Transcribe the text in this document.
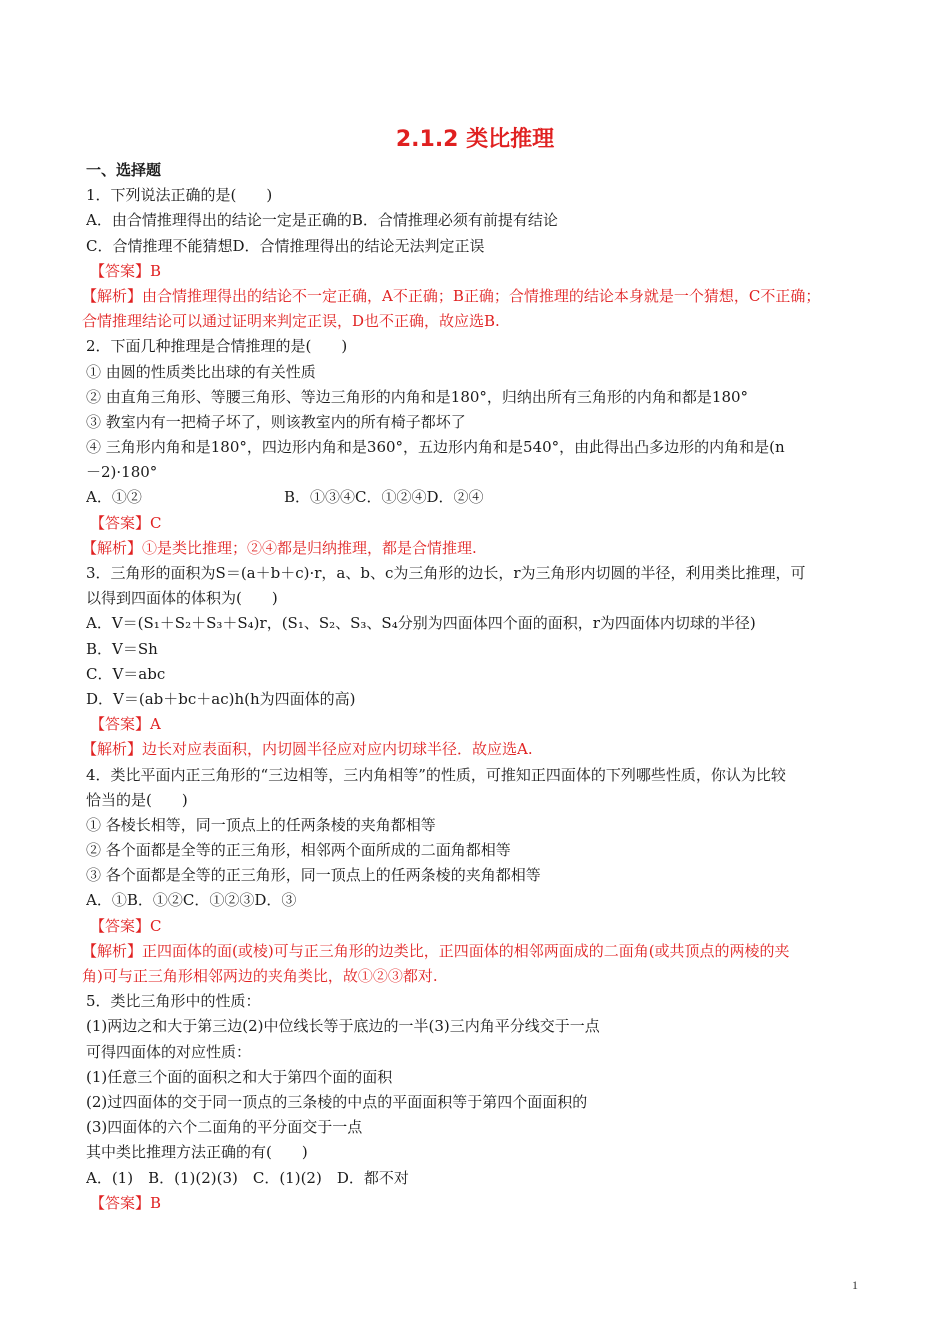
2.1.2 类比推理
一、选择题
1．下列说法正确的是(　　)
A．由合情推理得出的结论一定是正确的B．合情推理必须有前提有结论
C．合情推理不能猜想D．合情推理得出的结论无法判定正误
【答案】B
【解析】由合情推理得出的结论不一定正确，A不正确；B正确；合情推理的结论本身就是一个猜想，C不正确；
合情推理结论可以通过证明来判定正误，D也不正确，故应选B.
2．下面几种推理是合情推理的是(　　)
① 由圆的性质类比出球的有关性质
② 由直角三角形、等腰三角形、等边三角形的内角和是180°，归纳出所有三角形的内角和都是180°
③ 教室内有一把椅子坏了，则该教室内的所有椅子都坏了
④ 三角形内角和是180°，四边形内角和是360°，五边形内角和是540°，由此得出凸多边形的内角和是(n
－2)·180°
A．①②	B．①③④C．①②④D．②④
【答案】C
【解析】①是类比推理；②④都是归纳推理，都是合情推理.
3．三角形的面积为S＝(a＋b＋c)·r，a、b、c为三角形的边长，r为三角形内切圆的半径，利用类比推理，可
以得到四面体的体积为(　　)
A．V＝(S₁＋S₂＋S₃＋S₄)r，(S₁、S₂、S₃、S₄分别为四面体四个面的面积，r为四面体内切球的半径)
B．V＝Sh
C．V＝abc
D．V＝(ab＋bc＋ac)h(h为四面体的高)
【答案】A
【解析】边长对应表面积，内切圆半径应对应内切球半径．故应选A.
4．类比平面内正三角形的“三边相等，三内角相等”的性质，可推知正四面体的下列哪些性质，你认为比较
恰当的是(　　)
① 各棱长相等，同一顶点上的任两条棱的夹角都相等
② 各个面都是全等的正三角形，相邻两个面所成的二面角都相等
③ 各个面都是全等的正三角形，同一顶点上的任两条棱的夹角都相等
A．①B．①②C．①②③D．③
【答案】C
【解析】正四面体的面(或棱)可与正三角形的边类比，正四面体的相邻两面成的二面角(或共顶点的两棱的夹
角)可与正三角形相邻两边的夹角类比，故①②③都对.
5．类比三角形中的性质：
(1)两边之和大于第三边(2)中位线长等于底边的一半(3)三内角平分线交于一点
可得四面体的对应性质：
(1)任意三个面的面积之和大于第四个面的面积
(2)过四面体的交于同一顶点的三条棱的中点的平面面积等于第四个面面积的
(3)四面体的六个二面角的平分面交于一点
其中类比推理方法正确的有(　　)
A．(1)　B．(1)(2)(3)　C．(1)(2)　D．都不对
【答案】B
1
